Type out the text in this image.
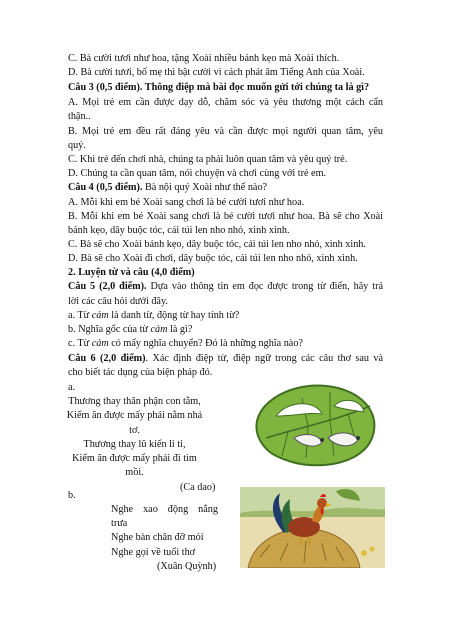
C. Bà cười tươi như hoa, tặng Xoài nhiều bánh kẹo mà Xoài thích.
D. Bà cười tươi, bố mẹ thì bật cười vì cách phát âm Tiếng Anh của Xoài.
Câu 3 (0,5 điểm). Thông điệp mà bài đọc muốn gửi tới chúng ta là gì?
A. Mọi trẻ em cần được dạy dỗ, chăm sóc và yêu thương một cách cẩn
thận..
B. Mọi trẻ em đều rất đáng yêu và cần được mọi người quan tâm, yêu
quý.
C. Khi trẻ đến chơi nhà, chúng ta phải luôn quan tâm và yêu quý trẻ.
D. Chúng ta cần quan tâm, nói chuyện và chơi cùng với trẻ em.
Câu 4 (0,5 điểm). Bà nội quý Xoài như thế nào?
A. Mỗi khi em bé Xoài sang chơi là bé cười tươi như hoa.
B. Mỗi khi em bé Xoài sang chơi là bé cười tươi như hoa. Bà sẽ cho Xoài
bánh kẹo, dây buộc tóc, cái túi len nho nhỏ, xinh xinh.
C. Bà sẽ cho Xoài bánh kẹo, dây buộc tóc, cái túi len nho nhỏ, xinh xinh.
D. Bà sẽ cho Xoài đi chơi, dây buộc tóc, cái túi len nho nhỏ, xinh xinh.
2. Luyện từ và câu (4,0 điểm)
Câu 5 (2,0 điểm). Dựa vào thông tin em đọc được trong từ điển, hãy trả
lời các câu hỏi dưới đây.
a. Từ cảm là danh từ, động từ hay tính từ?
b. Nghĩa gốc của từ cảm là gì?
c. Từ cảm có mấy nghĩa chuyển? Đó là những nghĩa nào?
Câu 6 (2,0 điểm). Xác định điệp từ, điệp ngữ trong các câu thơ sau và
cho biết tác dụng của biện pháp đó.
a.
Thương thay thân phận con tằm,
Kiếm ăn được mấy phải nằm nhả
tơ.
Thương thay lũ kiến li ti,
Kiếm ăn được mấy phải đi tìm
mồi.
(Ca dao)
b.
Nghe xao động nắng
trưa
Nghe bàn chân đỡ mỏi
Nghe gọi về tuổi thơ
(Xuân Quỳnh)
